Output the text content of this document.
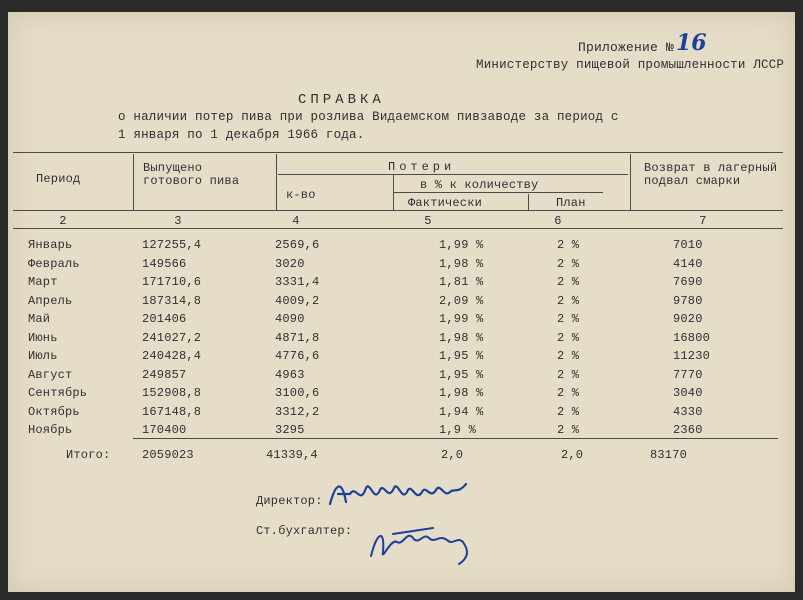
Приложение № 16
Министерству пищевой промышленности ЛССР
СПРАВКА
о наличии потер пива при розлива Видаемском пивзаводе за период с
1 января по 1 декабря 1966 года.
Период
Выпущено готового пива
Потери
к-во
в % к количеству
Фактически	План
Возврат в лагерный подвал смарки
2	3	4	5	6	7
Январь	127255,4	2569,6	1,99 %	2 %	7010
Февраль	149566	3020	1,98 %	2 %	4140
Март	171710,6	3331,4	1,81 %	2 %	7690
Апрель	187314,8	4009,2	2,09 %	2 %	9780
Май	201406	4090	1,99 %	2 %	9020
Июнь	241027,2	4871,8	1,98 %	2 %	16800
Июль	240428,4	4776,6	1,95 %	2 %	11230
Август	249857	4963	1,95 %	2 %	7770
Сентябрь	152908,8	3100,6	1,98 %	2 %	3040
Октябрь	167148,8	3312,2	1,94 %	2 %	4330
Ноябрь	170400	3295	1,9 %	2 %	2360
Итого:	2059023	41339,4	2,0	2,0	83170
Директор:
Ст.бухгалтер:
